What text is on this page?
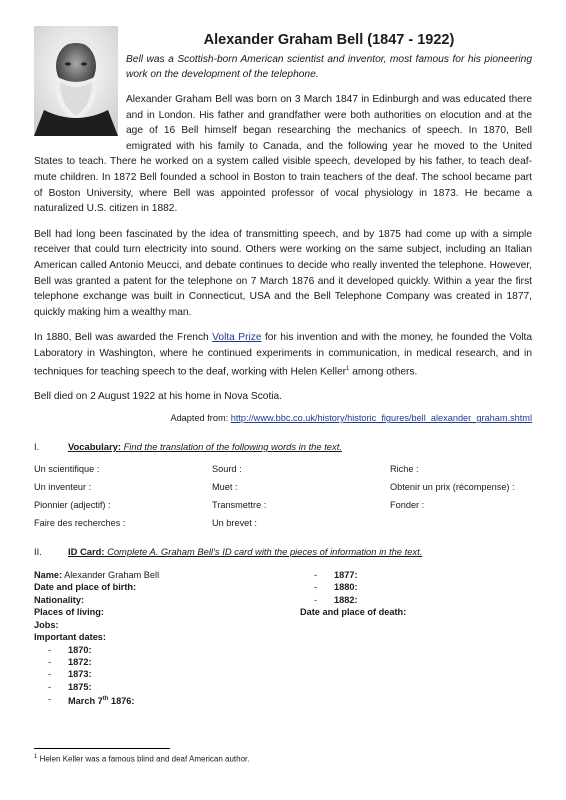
Alexander Graham Bell (1847 - 1922)

Bell was a Scottish-born American scientist and inventor, most famous for his pioneering work on the development of the telephone.

Alexander Graham Bell was born on 3 March 1847 in Edinburgh and was educated there and in London. His father and grandfather were both authorities on elocution and at the age of 16 Bell himself began researching the mechanics of speech. In 1870, Bell emigrated with his family to Canada, and the following year he moved to the United States to teach. There he worked on a system called visible speech, developed by his father, to teach deaf-mute children. In 1872 Bell founded a school in Boston to train teachers of the deaf. The school became part of Boston University, where Bell was appointed professor of vocal physiology in 1873. He became a naturalized U.S. citizen in 1882.

Bell had long been fascinated by the idea of transmitting speech, and by 1875 had come up with a simple receiver that could turn electricity into sound. Others were working on the same subject, including an Italian American called Antonio Meucci, and debate continues to decide who really invented the telephone. However, Bell was granted a patent for the telephone on 7 March 1876 and it developed quickly. Within a year the first telephone exchange was built in Connecticut, USA and the Bell Telephone Company was created in 1877, quickly making him a wealthy man.

In 1880, Bell was awarded the French Volta Prize for his invention and with the money, he founded the Volta Laboratory in Washington, where he continued experiments in communication, in medical research, and in techniques for teaching speech to the deaf, working with Helen Keller$^1$ among others.

Bell died on 2 August 1922 at his home in Nova Scotia.

Adapted from: http://www.bbc.co.uk/history/historic_figures/bell_alexander_graham.shtml
I.	Vocabulary: Find the translation of the following words in the text.
Un scientifique :	Sourd :	Riche :
Un inventeur :	Muet :	Obtenir un prix (récompense) :
Pionnier (adjectif) :	Transmettre :	Fonder :
Faire des recherches :	Un brevet :
II.	ID Card: Complete A. Graham Bell’s ID card with the pieces of information in the text.
Name: Alexander Graham Bell
Date and place of birth:
Nationality:
Places of living:
Jobs:
Important dates:
-	1870:
-	1872:
-	1873:
-	1875:
-	March 7th 1876:
-	1877:
-	1880:
-	1882:
Date and place of death:
$^1$ Helen Keller was a famous blind and deaf American author.
